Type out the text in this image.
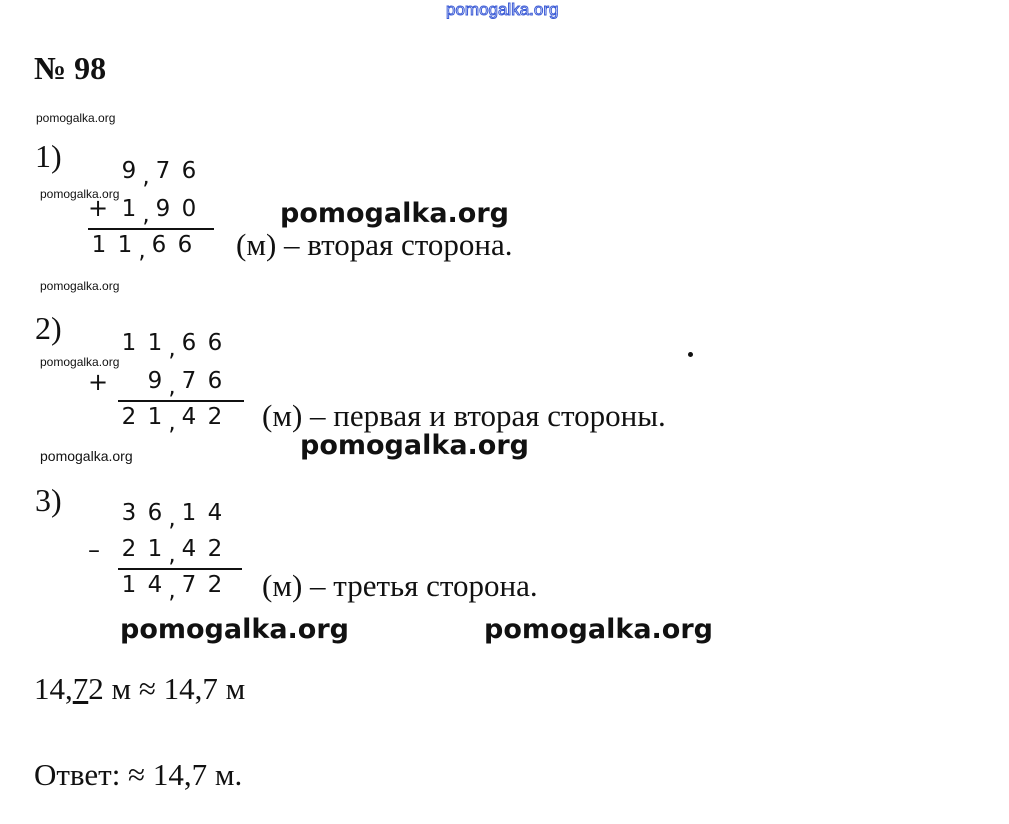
pomogalka.org
№ 98
pomogalka.org
pomogalka.org
pomogalka.org
pomogalka.org
pomogalka.org
1)	9 , 7 6
+ 1 , 9 0
1 1 , 6 6 (м) – вторая сторона.
pomogalka.org
2)	1 1 , 6 6
+ 9 , 7 6
2 1 , 4 2 (м) – первая и вторая стороны.
pomogalka.org
3)	3 6 , 1 4
– 2 1 , 4 2
1 4 , 7 2 (м) – третья сторона.
pomogalka.org	pomogalka.org
14,72 м ≈ 14,7 м
Ответ: ≈ 14,7 м.
